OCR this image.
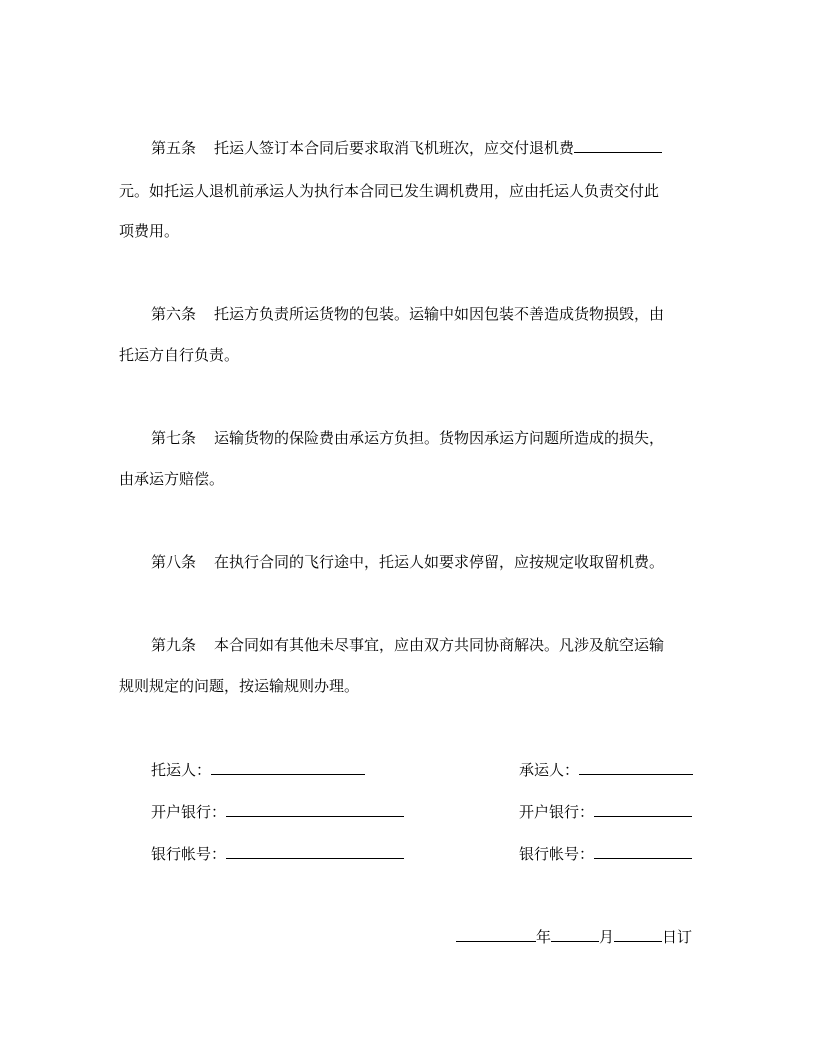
第五条 托运人签订本合同后要求取消飞机班次，应交付退机费
元。如托运人退机前承运人为执行本合同已发生调机费用，应由托运人负责交付此
项费用。
第六条 托运方负责所运货物的包装。运输中如因包装不善造成货物损毁，由
托运方自行负责。
第七条 运输货物的保险费由承运方负担。货物因承运方问题所造成的损失，
由承运方赔偿。
第八条 在执行合同的飞行途中，托运人如要求停留，应按规定收取留机费。
第九条 本合同如有其他未尽事宜，应由双方共同协商解决。凡涉及航空运输
规则规定的问题，按运输规则办理。
托运人：
开户银行：
银行帐号：
承运人：
开户银行：
银行帐号：
年	月	日订
